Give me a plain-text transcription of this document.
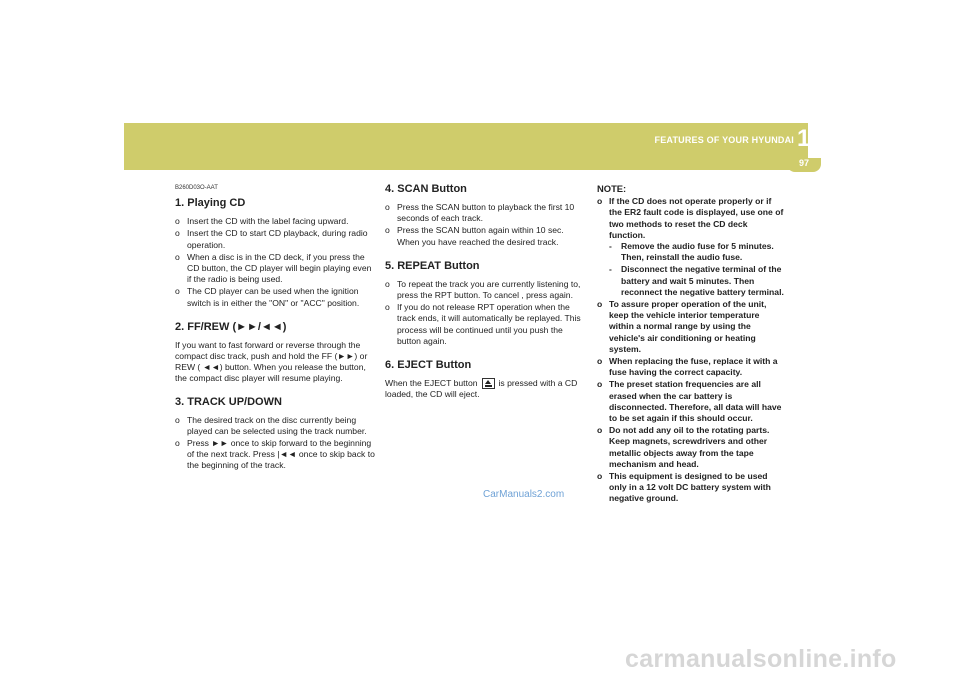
FEATURES OF YOUR HYUNDAI 1
97
B260D03O-AAT
1. Playing CD
o Insert the CD with the label facing upward.
o Insert the CD to start CD playback, during radio operation.
o When a disc is in the CD deck, if you press the CD button, the CD player will begin playing even if the radio is being used.
o The CD player can be used when the ignition switch is in either the "ON" or "ACC" position.
2. FF/REW (►►/◄◄)

If you want to fast forward or reverse through the compact disc track, push and hold the FF (►►) or REW ( ◄◄) button. When you release the button, the compact disc player will resume playing.

3. TRACK UP/DOWN
o The desired track on the disc currently being played can be selected using the track number.
o Press ►► once to skip forward to the beginning of the next track. Press |◄◄ once to skip back to the beginning of the track.
4. SCAN Button
o Press the SCAN button to playback the first 10 seconds of each track.
o Press the SCAN button again within 10 sec. When you have reached the desired track.
5. REPEAT Button
o To repeat the track you are currently listening to, press the RPT button. To cancel , press again.
o If you do not release RPT operation when the track ends, it will automatically be replayed. This process will be continued until you push the button again.
6. EJECT Button

When the EJECT button is pressed with a CD loaded, the CD will eject.

NOTE:
o If the CD does not operate properly or if the ER2 fault code is displayed, use one of two methods to reset the CD deck function.
- Remove the audio fuse for 5 minutes. Then, reinstall the audio fuse.
- Disconnect the negative terminal of the battery and wait 5 minutes. Then reconnect the negative battery terminal.
o To assure proper operation of the unit, keep the vehicle interior temperature within a normal range by using the vehicle's air conditioning or heating system.
o When replacing the fuse, replace it with a fuse having the correct capacity.
o The preset station frequencies are all erased when the car battery is disconnected. Therefore, all data will have to be set again if this should occur.
o Do not add any oil to the rotating parts. Keep magnets, screwdrivers and other metallic objects away from the tape mechanism and head.
o This equipment is designed to be used only in a 12 volt DC battery system with negative ground.
CarManuals2.com
carmanualsonline.info
